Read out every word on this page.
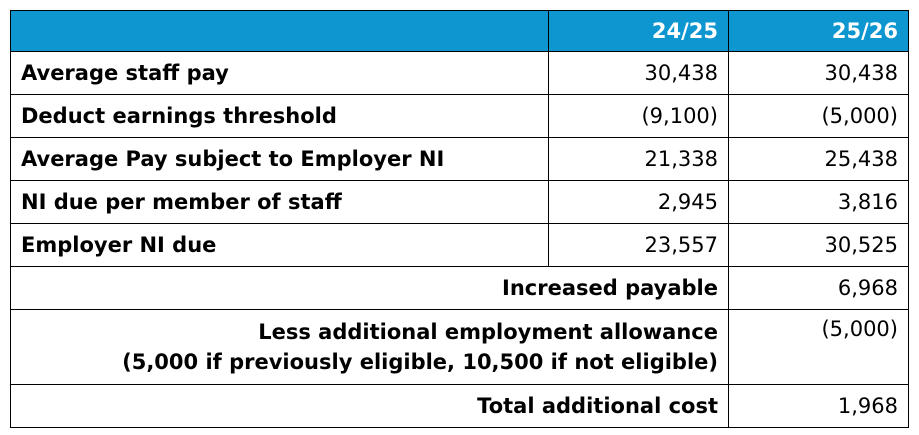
	24/25	25/26
Average staff pay	30,438	30,438
Deduct earnings threshold	(9,100)	(5,000)
Average Pay subject to Employer NI	21,338	25,438
NI due per member of staff	2,945	3,816
Employer NI due	23,557	30,525
Increased payable		6,968

Less additional employment allowance
(5,000 if previously eligible, 10,500 if not eligible)		(5,000)
Total additional cost		1,968
